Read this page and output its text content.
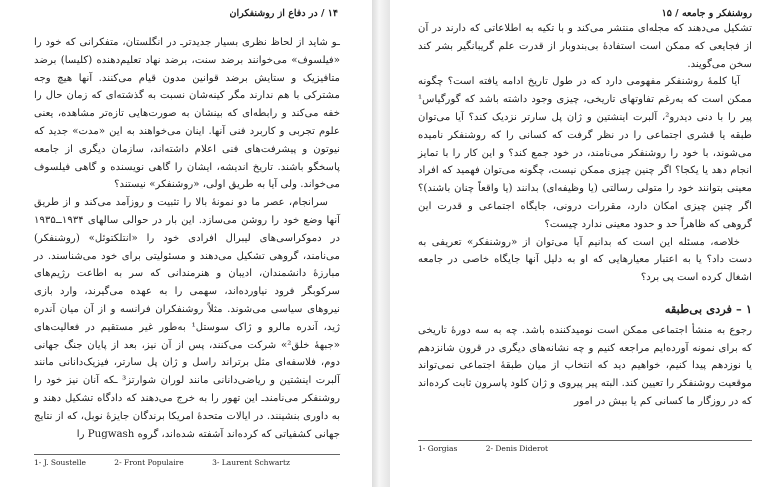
۱۴ / در دفاع از روشنفکران

ـو شاید از لحاظ نظری بسیار جدیدترـ در انگلستان، متفکرانی که خود را «فیلسوف» می‌خوانند برضد سنت، برضد نهاد تعلیم‌دهنده (کلیسا) برضد متافیزیک و ستایش برضد قوانین مدون قیام می‌کنند. آنها هیچ وجه مشترکی با هم ندارند مگر کینه‌شان نسبت به گذشته‌ای که زمان حال را خفه می‌کند و رابطه‌ای که بینشان به صورت‌هایی تازه‌تر مشاهده، یعنی علوم تجربی و کاربرد فنی آنها. اینان می‌خواهند به این «مدت» جدید که نیوتون و پیشرفت‌های فنی اعلام داشته‌اند، سازمان دیگری از جامعه پاسخگو باشند. تاریخ اندیشه، ایشان را گاهی نویسنده و گاهی فیلسوف می‌خواند. ولی آیا به طریق اولی، «روشنفکر» نیستند؟

سرانجام، عصر ما دو نمونهٔ بالا را تثبیت و روزآمد می‌کند و از طریق آنها وضع خود را روشن می‌سازد. این بار در حوالی سالهای ۱۹۳۴ــ۱۹۳۵ در دموکراسی‌های لیبرال افرادی خود را «انتلکتوئل» (روشنفکر) می‌نامند، گروهی تشکیل می‌دهند و مسئولیتی برای خود می‌شناسند. در مبارزهٔ دانشمندان، ادیبان و هنرمندانی که سر به اطاعت رژیم‌های سرکوبگر فرود نیاورده‌اند، سهمی را به عهده می‌گیرند، وارد بازی نیروهای سیاسی می‌شوند. مثلاً روشنفکران فرانسه و از آن میان آندره ژید، آندره مالرو و ژاک سوستل¹ به‌طور غیر مستقیم در فعالیت‌های «جبههٔ خلق²» شرکت می‌کنند، پس از آن نیز، بعد از پایان جنگ جهانی دوم، فلاسفه‌ای مثل برتراند راسل و ژان پل سارتر، فیزیک‌دانانی مانند آلبرت اینشتین و ریاضی‌دانانی مانند لوران شوارتز³ ـکه آنان نیز خود را روشنفکر می‌نامندـ این تهور را به خرج می‌دهند که دادگاه تشکیل دهند و به داوری بنشینند. در ایالات متحدهٔ امریکا برندگان جایزهٔ نوبل، که از نتایج جهانی کشفیاتی که کرده‌اند آشفته شده‌اند، گروه Pugwash را

1- J. Soustelle	2- Front Populaire	3- Laurent Schwartz
روشنفکر و جامعه / ۱۵

تشکیل می‌دهند که مجله‌ای منتشر می‌کند و با تکیه به اطلاعاتی که دارند در آن از فجایعی که ممکن است استفادهٔ بی‌بندوبار از قدرت علم گریبانگیر بشر کند سخن می‌گویند.

آیا کلمهٔ روشنفکر مفهومی دارد که در طول تاریخ ادامه یافته است؟ چگونه ممکن است که به‌رغم تفاوتهای تاریخی، چیزی وجود داشته باشد که گورگیاس¹ پیر را با دنی دیدرو²، آلبرت اینشتین و ژان پل سارتر نزدیک کند؟ آیا می‌توان طبقه یا قشری اجتماعی را در نظر گرفت که کسانی را که روشنفکر نامیده می‌شوند، با خود را روشنفکر می‌نامند، در خود جمع کند؟ و این کار را با تمایز انجام دهد یا یکجا؟ اگر چنین چیزی ممکن نیست، چگونه می‌توان فهمید که افراد معینی بتوانند خود را متولی رسالتی (یا وظیفه‌ای) بدانند (یا واقعاً چنان باشند)؟ اگر چنین چیزی امکان دارد، مقررات درونی، جایگاه اجتماعی و قدرت این گروهی که ظاهراً حد و حدود معینی ندارد چیست؟

خلاصه، مسئله این است که بدانیم آیا می‌توان از «روشنفکر» تعریفی به دست داد؟ یا به اعتبار معیارهایی که او به دلیل آنها جایگاه خاصی در جامعه اشغال کرده است پی برد؟

۱ – فردی بی‌طبقه

رجوع به منشأ اجتماعی ممکن است نومیدکننده باشد. چه به سه دورهٔ تاریخی که برای نمونه آورده‌ایم مراجعه کنیم و چه نشانه‌های دیگری در قرون شانزدهم یا نوزدهم پیدا کنیم، خواهیم دید که انتخاب از میان طبقهٔ اجتماعی نمی‌تواند موقعیت روشنفکر را تعیین کند. البته پیر پیروی و ژان کلود پاسرون ثابت کرده‌اند که در روزگار ما کسانی کم یا بیش در امور

1- Gorgias	2- Denis Diderot
